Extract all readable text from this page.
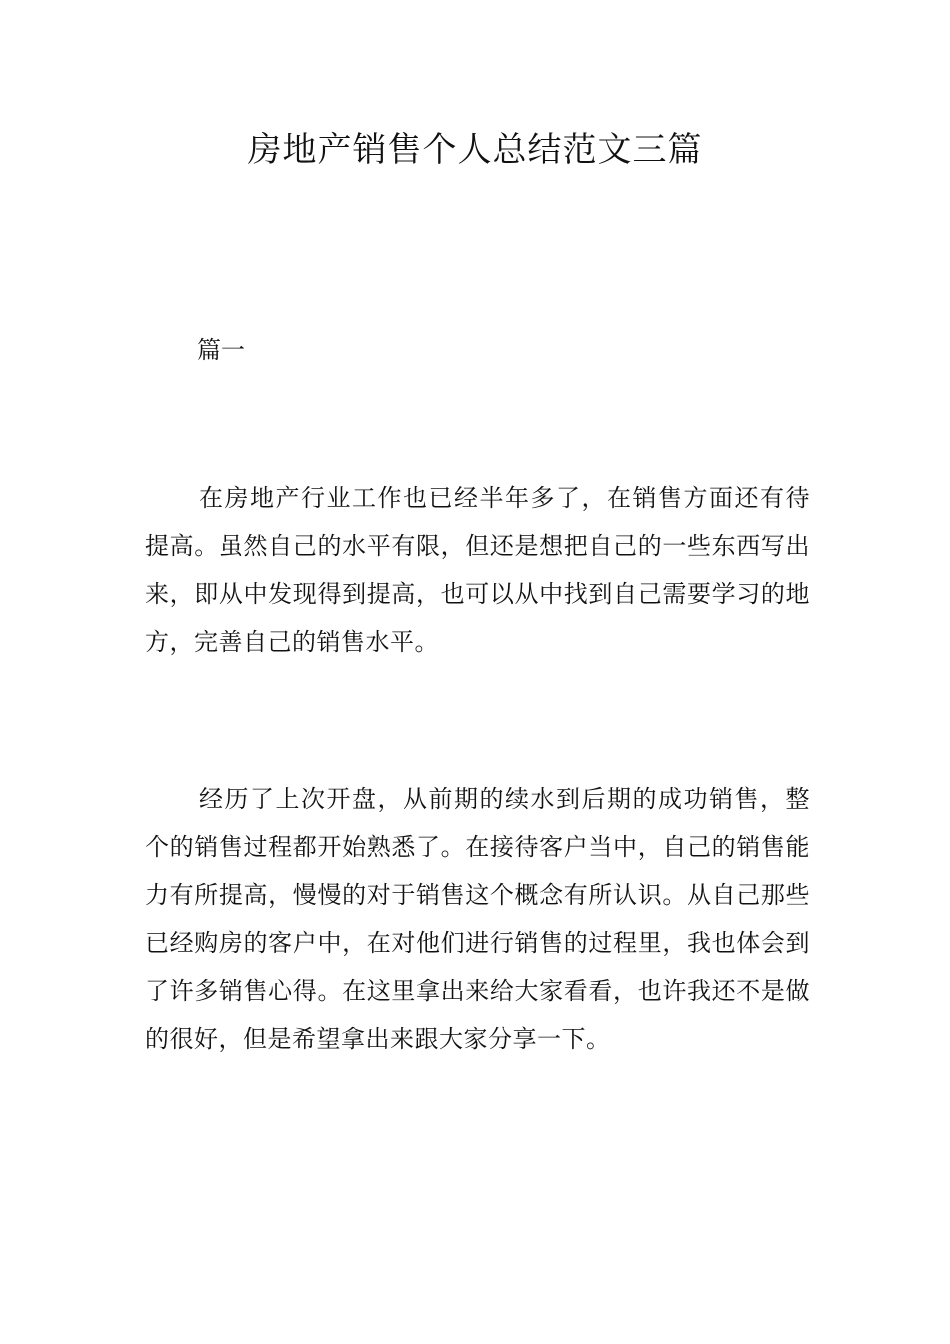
房地产销售个人总结范文三篇
篇一

在房地产行业工作也已经半年多了，在销售方面还有待提高。虽然自己的水平有限，但还是想把自己的一些东西写出来，即从中发现得到提高，也可以从中找到自己需要学习的地方，完善自己的销售水平。

经历了上次开盘，从前期的续水到后期的成功销售，整个的销售过程都开始熟悉了。在接待客户当中，自己的销售能力有所提高，慢慢的对于销售这个概念有所认识。从自己那些已经购房的客户中，在对他们进行销售的过程里，我也体会到了许多销售心得。在这里拿出来给大家看看，也许我还不是做的很好，但是希望拿出来跟大家分享一下。
